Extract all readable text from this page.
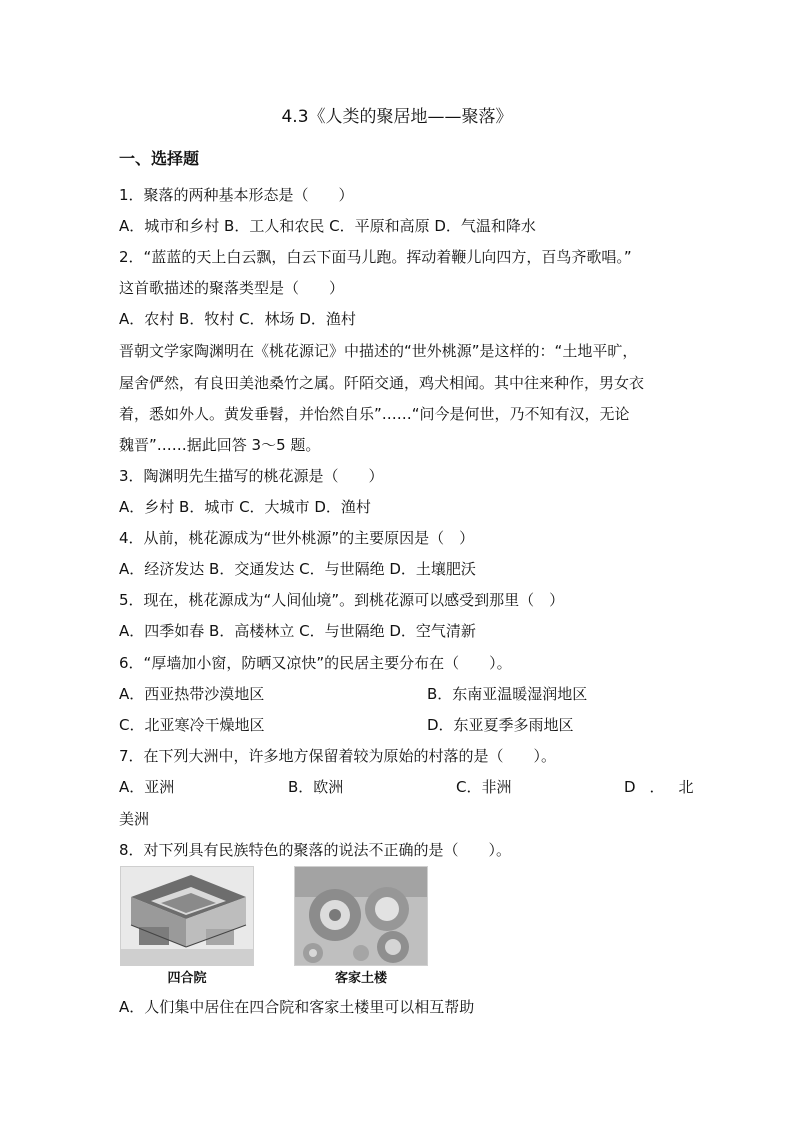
4.3《人类的聚居地——聚落》
一、选择题
1．聚落的两种基本形态是（　　）
A．城市和乡村 B．工人和农民 C．平原和高原 D．气温和降水
2．“蓝蓝的天上白云飘，白云下面马儿跑。挥动着鞭儿向四方，百鸟齐歌唱。”
这首歌描述的聚落类型是（　　）
A．农村 B．牧村 C．林场 D．渔村
晋朝文学家陶渊明在《桃花源记》中描述的“世外桃源”是这样的：“土地平旷，
屋舍俨然，有良田美池桑竹之属。阡陌交通，鸡犬相闻。其中往来种作，男女衣
着，悉如外人。黄发垂髫，并怡然自乐”……“问今是何世，乃不知有汉，无论
魏晋”……据此回答 3～5 题。
3．陶渊明先生描写的桃花源是（　　）
A．乡村 B．城市 C．大城市 D．渔村
4．从前，桃花源成为“世外桃源”的主要原因是（　）
A．经济发达 B．交通发达 C．与世隔绝 D．土壤肥沃
5．现在，桃花源成为“人间仙境”。到桃花源可以感受到那里（　）
A．四季如春 B．高楼林立 C．与世隔绝 D．空气清新
6．“厚墙加小窗，防晒又凉快”的民居主要分布在（　　）。
A．西亚热带沙漠地区	B．东南亚温暖湿润地区
C．北亚寒冷干燥地区	D．东亚夏季多雨地区
7．在下列大洲中，许多地方保留着较为原始的村落的是（　　）。
A．亚洲	B．欧洲	C．非洲	D．北
美洲
8．对下列具有民族特色的聚落的说法不正确的是（　　）。
四合院	客家土楼
A．人们集中居住在四合院和客家土楼里可以相互帮助
